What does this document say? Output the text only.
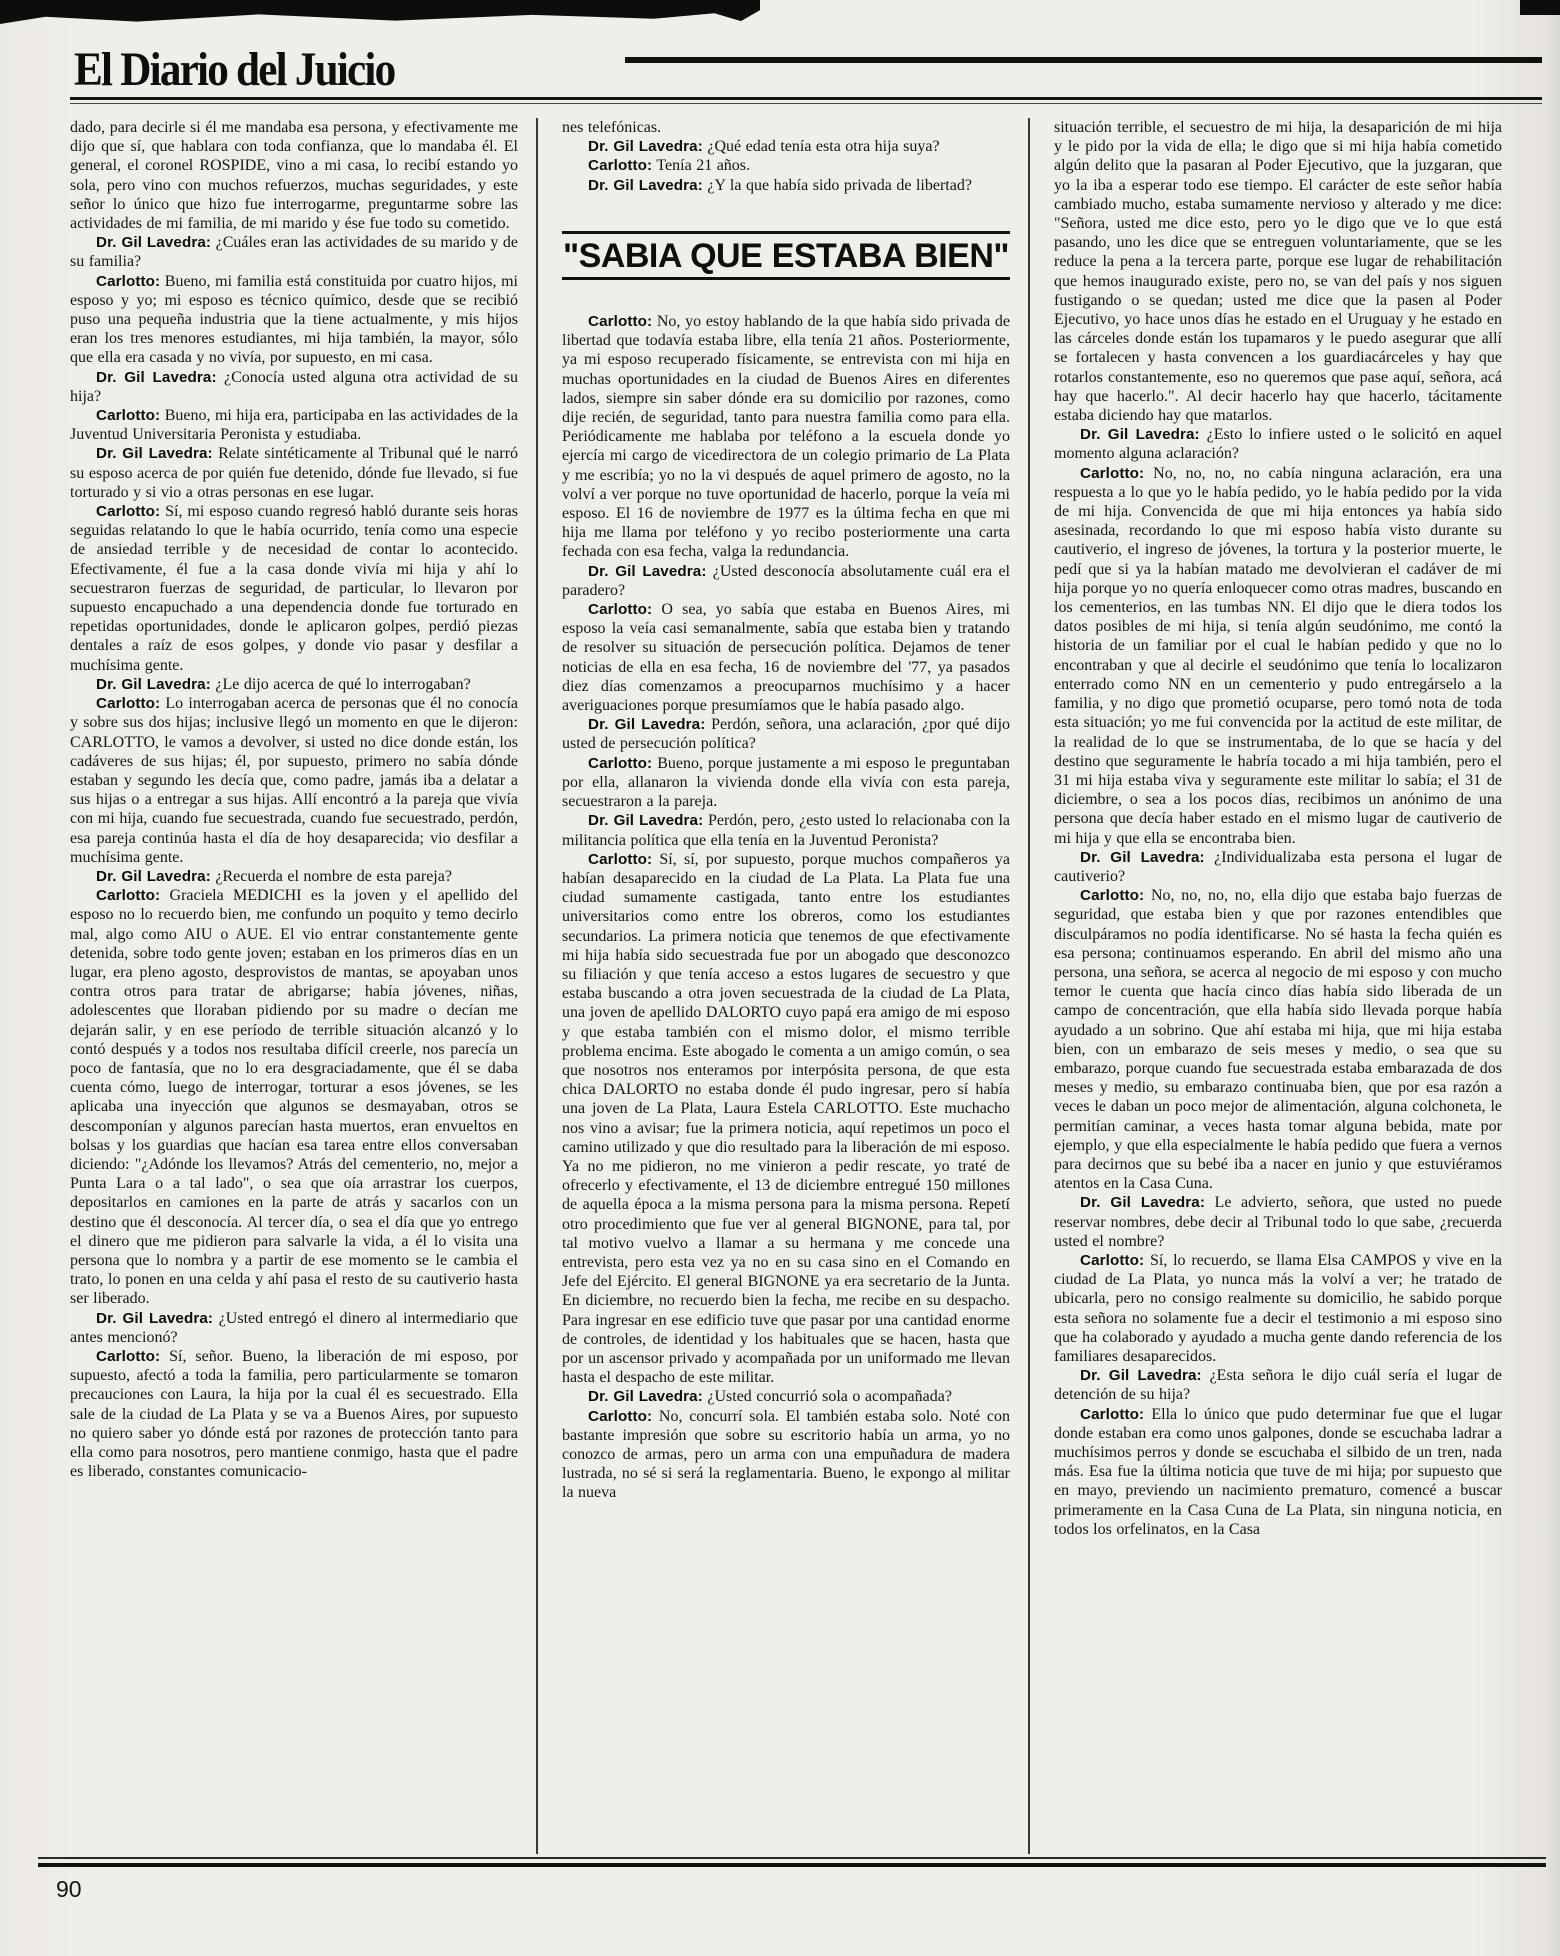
El Diario del Juicio

dado, para decirle si él me mandaba esa persona, y efectivamente me dijo que sí, que hablara con toda confianza, que lo mandaba él. El general, el coronel ROSPIDE, vino a mi casa, lo recibí estando yo sola, pero vino con muchos refuerzos, muchas seguridades, y este señor lo único que hizo fue interrogarme, preguntarme sobre las actividades de mi familia, de mi marido y ése fue todo su cometido.

Dr. Gil Lavedra: ¿Cuáles eran las actividades de su marido y de su familia?

Carlotto: Bueno, mi familia está constituida por cuatro hijos, mi esposo y yo; mi esposo es técnico químico, desde que se recibió puso una pequeña industria que la tiene actualmente, y mis hijos eran los tres menores estudiantes, mi hija también, la mayor, sólo que ella era casada y no vivía, por supuesto, en mi casa.

Dr. Gil Lavedra: ¿Conocía usted alguna otra actividad de su hija?

Carlotto: Bueno, mi hija era, participaba en las actividades de la Juventud Universitaria Peronista y estudiaba.

Dr. Gil Lavedra: Relate sintéticamente al Tribunal qué le narró su esposo acerca de por quién fue detenido, dónde fue llevado, si fue torturado y si vio a otras personas en ese lugar.

Carlotto: Sí, mi esposo cuando regresó habló durante seis horas seguidas relatando lo que le había ocurrido, tenía como una especie de ansiedad terrible y de necesidad de contar lo acontecido. Efectivamente, él fue a la casa donde vivía mi hija y ahí lo secuestraron fuerzas de seguridad, de particular, lo llevaron por supuesto encapuchado a una dependencia donde fue torturado en repetidas oportunidades, donde le aplicaron golpes, perdió piezas dentales a raíz de esos golpes, y donde vio pasar y desfilar a muchísima gente.

Dr. Gil Lavedra: ¿Le dijo acerca de qué lo interrogaban?

Carlotto: Lo interrogaban acerca de personas que él no conocía y sobre sus dos hijas; inclusive llegó un momento en que le dijeron: CARLOTTO, le vamos a devolver, si usted no dice donde están, los cadáveres de sus hijas; él, por supuesto, primero no sabía dónde estaban y segundo les decía que, como padre, jamás iba a delatar a sus hijas o a entregar a sus hijas. Allí encontró a la pareja que vivía con mi hija, cuando fue secuestrada, cuando fue secuestrado, perdón, esa pareja continúa hasta el día de hoy desaparecida; vio desfilar a muchísima gente.

Dr. Gil Lavedra: ¿Recuerda el nombre de esta pareja?

Carlotto: Graciela MEDICHI es la joven y el apellido del esposo no lo recuerdo bien, me confundo un poquito y temo decirlo mal, algo como AIU o AUE. El vio entrar constantemente gente detenida, sobre todo gente joven; estaban en los primeros días en un lugar, era pleno agosto, desprovistos de mantas, se apoyaban unos contra otros para tratar de abrigarse; había jóvenes, niñas, adolescentes que lloraban pidiendo por su madre o decían me dejarán salir, y en ese período de terrible situación alcanzó y lo contó después y a todos nos resultaba difícil creerle, nos parecía un poco de fantasía, que no lo era desgraciadamente, que él se daba cuenta cómo, luego de interrogar, torturar a esos jóvenes, se les aplicaba una inyección que algunos se desmayaban, otros se descomponían y algunos parecían hasta muertos, eran envueltos en bolsas y los guardias que hacían esa tarea entre ellos conversaban diciendo: "¿Adónde los llevamos? Atrás del cementerio, no, mejor a Punta Lara o a tal lado", o sea que oía arrastrar los cuerpos, depositarlos en camiones en la parte de atrás y sacarlos con un destino que él desconocía. Al tercer día, o sea el día que yo entrego el dinero que me pidieron para salvarle la vida, a él lo visita una persona que lo nombra y a partir de ese momento se le cambia el trato, lo ponen en una celda y ahí pasa el resto de su cautiverio hasta ser liberado.

Dr. Gil Lavedra: ¿Usted entregó el dinero al intermediario que antes mencionó?

Carlotto: Sí, señor. Bueno, la liberación de mi esposo, por supuesto, afectó a toda la familia, pero particularmente se tomaron precauciones con Laura, la hija por la cual él es secuestrado. Ella sale de la ciudad de La Plata y se va a Buenos Aires, por supuesto no quiero saber yo dónde está por razones de protección tanto para ella como para nosotros, pero mantiene conmigo, hasta que el padre es liberado, constantes comunicacio-

nes telefónicas.

Dr. Gil Lavedra: ¿Qué edad tenía esta otra hija suya?

Carlotto: Tenía 21 años.

Dr. Gil Lavedra: ¿Y la que había sido privada de libertad?

"SABIA QUE ESTABA BIEN"

Carlotto: No, yo estoy hablando de la que había sido privada de libertad que todavía estaba libre, ella tenía 21 años. Posteriormente, ya mi esposo recuperado físicamente, se entrevista con mi hija en muchas oportunidades en la ciudad de Buenos Aires en diferentes lados, siempre sin saber dónde era su domicilio por razones, como dije recién, de seguridad, tanto para nuestra familia como para ella. Periódicamente me hablaba por teléfono a la escuela donde yo ejercía mi cargo de vicedirectora de un colegio primario de La Plata y me escribía; yo no la vi después de aquel primero de agosto, no la volví a ver porque no tuve oportunidad de hacerlo, porque la veía mi esposo. El 16 de noviembre de 1977 es la última fecha en que mi hija me llama por teléfono y yo recibo posteriormente una carta fechada con esa fecha, valga la redundancia.

Dr. Gil Lavedra: ¿Usted desconocía absolutamente cuál era el paradero?

Carlotto: O sea, yo sabía que estaba en Buenos Aires, mi esposo la veía casi semanalmente, sabía que estaba bien y tratando de resolver su situación de persecución política. Dejamos de tener noticias de ella en esa fecha, 16 de noviembre del '77, ya pasados diez días comenzamos a preocuparnos muchísimo y a hacer averiguaciones porque presumíamos que le había pasado algo.

Dr. Gil Lavedra: Perdón, señora, una aclaración, ¿por qué dijo usted de persecución política?

Carlotto: Bueno, porque justamente a mi esposo le preguntaban por ella, allanaron la vivienda donde ella vivía con esta pareja, secuestraron a la pareja.

Dr. Gil Lavedra: Perdón, pero, ¿esto usted lo relacionaba con la militancia política que ella tenía en la Juventud Peronista?

Carlotto: Sí, sí, por supuesto, porque muchos compañeros ya habían desaparecido en la ciudad de La Plata. La Plata fue una ciudad sumamente castigada, tanto entre los estudiantes universitarios como entre los obreros, como los estudiantes secundarios. La primera noticia que tenemos de que efectivamente mi hija había sido secuestrada fue por un abogado que desconozco su filiación y que tenía acceso a estos lugares de secuestro y que estaba buscando a otra joven secuestrada de la ciudad de La Plata, una joven de apellido DALORTO cuyo papá era amigo de mi esposo y que estaba también con el mismo dolor, el mismo terrible problema encima. Este abogado le comenta a un amigo común, o sea que nosotros nos enteramos por interpósita persona, de que esta chica DALORTO no estaba donde él pudo ingresar, pero sí había una joven de La Plata, Laura Estela CARLOTTO. Este muchacho nos vino a avisar; fue la primera noticia, aquí repetimos un poco el camino utilizado y que dio resultado para la liberación de mi esposo. Ya no me pidieron, no me vinieron a pedir rescate, yo traté de ofrecerlo y efectivamente, el 13 de diciembre entregué 150 millones de aquella época a la misma persona para la misma persona. Repetí otro procedimiento que fue ver al general BIGNONE, para tal, por tal motivo vuelvo a llamar a su hermana y me concede una entrevista, pero esta vez ya no en su casa sino en el Comando en Jefe del Ejército. El general BIGNONE ya era secretario de la Junta. En diciembre, no recuerdo bien la fecha, me recibe en su despacho. Para ingresar en ese edificio tuve que pasar por una cantidad enorme de controles, de identidad y los habituales que se hacen, hasta que por un ascensor privado y acompañada por un uniformado me llevan hasta el despacho de este militar.

Dr. Gil Lavedra: ¿Usted concurrió sola o acompañada?

Carlotto: No, concurrí sola. El también estaba solo. Noté con bastante impresión que sobre su escritorio había un arma, yo no conozco de armas, pero un arma con una empuñadura de madera lustrada, no sé si será la reglamentaria. Bueno, le expongo al militar la nueva

situación terrible, el secuestro de mi hija, la desaparición de mi hija y le pido por la vida de ella; le digo que si mi hija había cometido algún delito que la pasaran al Poder Ejecutivo, que la juzgaran, que yo la iba a esperar todo ese tiempo. El carácter de este señor había cambiado mucho, estaba sumamente nervioso y alterado y me dice: "Señora, usted me dice esto, pero yo le digo que ve lo que está pasando, uno les dice que se entreguen voluntariamente, que se les reduce la pena a la tercera parte, porque ese lugar de rehabilitación que hemos inaugurado existe, pero no, se van del país y nos siguen fustigando o se quedan; usted me dice que la pasen al Poder Ejecutivo, yo hace unos días he estado en el Uruguay y he estado en las cárceles donde están los tupamaros y le puedo asegurar que allí se fortalecen y hasta convencen a los guardiacárceles y hay que rotarlos constantemente, eso no queremos que pase aquí, señora, acá hay que hacerlo.". Al decir hacerlo hay que hacerlo, tácitamente estaba diciendo hay que matarlos.

Dr. Gil Lavedra: ¿Esto lo infiere usted o le solicitó en aquel momento alguna aclaración?

Carlotto: No, no, no, no cabía ninguna aclaración, era una respuesta a lo que yo le había pedido, yo le había pedido por la vida de mi hija. Convencida de que mi hija entonces ya había sido asesinada, recordando lo que mi esposo había visto durante su cautiverio, el ingreso de jóvenes, la tortura y la posterior muerte, le pedí que si ya la habían matado me devolvieran el cadáver de mi hija porque yo no quería enloquecer como otras madres, buscando en los cementerios, en las tumbas NN. El dijo que le diera todos los datos posibles de mi hija, si tenía algún seudónimo, me contó la historia de un familiar por el cual le habían pedido y que no lo encontraban y que al decirle el seudónimo que tenía lo localizaron enterrado como NN en un cementerio y pudo entregárselo a la familia, y no digo que prometió ocuparse, pero tomó nota de toda esta situación; yo me fui convencida por la actitud de este militar, de la realidad de lo que se instrumentaba, de lo que se hacía y del destino que seguramente le habría tocado a mi hija también, pero el 31 mi hija estaba viva y seguramente este militar lo sabía; el 31 de diciembre, o sea a los pocos días, recibimos un anónimo de una persona que decía haber estado en el mismo lugar de cautiverio de mi hija y que ella se encontraba bien.

Dr. Gil Lavedra: ¿Individualizaba esta persona el lugar de cautiverio?

Carlotto: No, no, no, no, ella dijo que estaba bajo fuerzas de seguridad, que estaba bien y que por razones entendibles que disculpáramos no podía identificarse. No sé hasta la fecha quién es esa persona; continuamos esperando. En abril del mismo año una persona, una señora, se acerca al negocio de mi esposo y con mucho temor le cuenta que hacía cinco días había sido liberada de un campo de concentración, que ella había sido llevada porque había ayudado a un sobrino. Que ahí estaba mi hija, que mi hija estaba bien, con un embarazo de seis meses y medio, o sea que su embarazo, porque cuando fue secuestrada estaba embarazada de dos meses y medio, su embarazo continuaba bien, que por esa razón a veces le daban un poco mejor de alimentación, alguna colchoneta, le permitían caminar, a veces hasta tomar alguna bebida, mate por ejemplo, y que ella especialmente le había pedido que fuera a vernos para decirnos que su bebé iba a nacer en junio y que estuviéramos atentos en la Casa Cuna.

Dr. Gil Lavedra: Le advierto, señora, que usted no puede reservar nombres, debe decir al Tribunal todo lo que sabe, ¿recuerda usted el nombre?

Carlotto: Sí, lo recuerdo, se llama Elsa CAMPOS y vive en la ciudad de La Plata, yo nunca más la volví a ver; he tratado de ubicarla, pero no consigo realmente su domicilio, he sabido porque esta señora no solamente fue a decir el testimonio a mi esposo sino que ha colaborado y ayudado a mucha gente dando referencia de los familiares desaparecidos.

Dr. Gil Lavedra: ¿Esta señora le dijo cuál sería el lugar de detención de su hija?

Carlotto: Ella lo único que pudo determinar fue que el lugar donde estaban era como unos galpones, donde se escuchaba ladrar a muchísimos perros y donde se escuchaba el silbido de un tren, nada más. Esa fue la última noticia que tuve de mi hija; por supuesto que en mayo, previendo un nacimiento prematuro, comencé a buscar primeramente en la Casa Cuna de La Plata, sin ninguna noticia, en todos los orfelinatos, en la Casa

90
